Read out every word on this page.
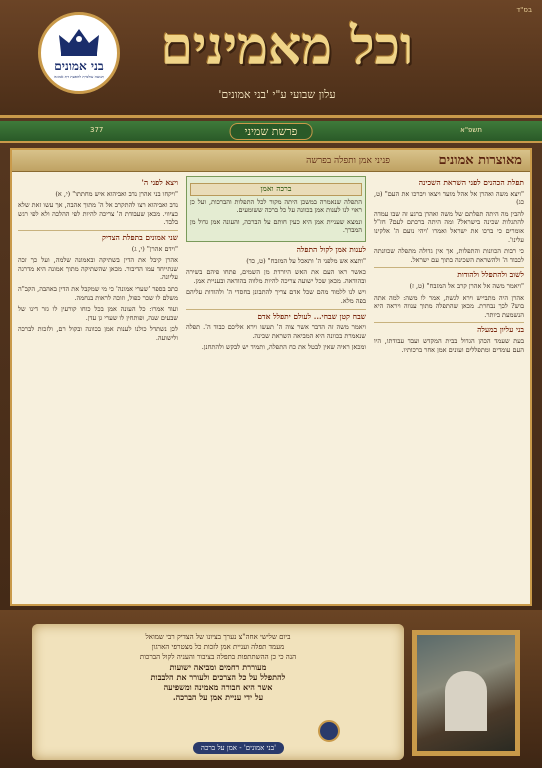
בס"ד
וכל מאמינים
עלון שבועי ע"י 'בני אמונים'
בני אמונים
תנועה עולמית להפצת דת אמונה
377	פרשת שמיני	תשפ"א
מאוצרות אמונים
פניני אמן ותפלה בפרשה
תפלת הכהנים לפני השראת השכינה
"ויצא משה ואהרן אל אהל מועד ויצאו ויברכו את העם" (ט, כג)
להבין מה היתה תפלתם של משה ואהרן ברגע זה שבו עמדה להתגלות שכינה בישראל? ומה היתה ברכתם לעם? חז"ל אומרים כי ברכו את ישראל ואמרו 'ויהי נועם ה' אלקינו עלינו'.
כי רבות הכוונות והתפלות, אך אין גדולה מתפלה שכוונתה לכבוד ה' ולהשראת השכינה בתוך עם ישראל.
לשוב ולהתפלל ולהודות
"ויאמר משה אל אהרן קרב אל המזבח" (ט, ז)
אהרן היה מתבייש וירא לגשת, אמר לו משה: למה אתה בוש? לכך נבחרת. מכאן שהתפלה מתוך ענווה ויראה היא הנשמעת ביותר.
בני עליון במעלה
בעת שעמד הכהן הגדול בבית המקדש ועבד עבודתו, היו העם עומדים ומתפללים ועונים אמן אחר ברכותיו.
ברכה ואמן
התפלה שנאמרה במשכן היתה מקור לכל התפלות והברכות, ועל כן ראוי לנו לענות אמן בכוונה על כל ברכה ששומעים.
ונמצא שעניית אמן היא כעין חותם על הברכה, והעונה אמן גדול מן המברך.
לענות אמן לקול התפלה
"ותצא אש מלפני ה' ותאכל על המזבח" (ט, כד)
כאשר ראו העם את האש היורדת מן השמים, פתחו פיהם בשירה ובהודאה. מכאן שכל ישועה צריכה להיות מלווה בהודאה ובעניית אמן.
ויש לנו ללמוד מהם שכל אדם צריך להתבונן בחסדי ה' ולהודות עליהם בפה מלא.
שבח קטן שבחי... לעולם יתפלל אדם
ויאמר משה זה הדבר אשר צוה ה' תעשו וירא אליכם כבוד ה'. תפלה שנאמרת בכוונה היא המביאה השראת שכינה.
ומכאן ראיה שאין לבטל את כח התפלה, ותמיד יש לבקש ולהתחנן.
ויצא לפני ה'
"ויקחו בני אהרן נדב ואביהוא איש מחתתו" (י, א)
נדב ואביהוא רצו להתקרב אל ה' מתוך אהבה, אך עשו זאת שלא כציווי. מכאן שעבודת ה' צריכה להיות לפי ההלכה ולא לפי רגש בלבד.
שני אמונים בתפלת הצדיק
"וידם אהרן" (י, ג)
אהרן קיבל את הדין בשתיקה ובאמונה שלמה, ועל כך זכה שנתייחד עמו הדיבור. מכאן שהשתיקה מתוך אמונה היא מדרגה עליונה.
כתב בספר 'שערי אמונה' כי מי שמקבל את הדין באהבה, הקב"ה משלם לו שכר כפול, וזוכה לראות בנחמה.
ועוד אמרו: כל העונה אמן בכל כוחו קורעין לו גזר דינו של שבעים שנה, ופותחין לו שערי גן עדן.
לכן נשתדל כולנו לענות אמן בכוונה ובקול רם, ולזכות לברכה ולישועה.
ביום שלישי אחה"צ נערך בציונו של הצדיק רבי שמואל
מעמד תפלה ועניית אמן לזכות כל מצטרפי הארגון
הנה כי כן ההשתתפות בתפלה בציבור והעניה לקול הברכות
מעוררת רחמים ומביאה ישועות
להתפלל על כל הצרכים ולעורר את הלבבות
אשר היא חבורה מאמינה ומשפיעה
על ידי עניית אמן על הברכה.
'בני אמונים' - אמן על ברכה
